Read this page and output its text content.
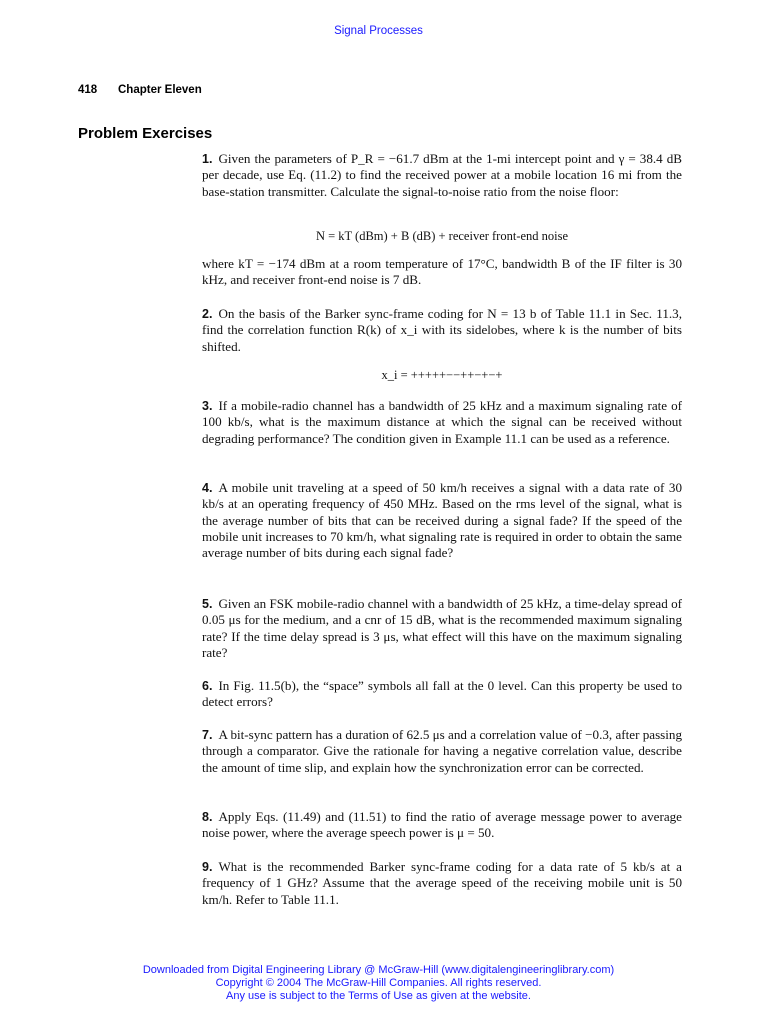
Signal Processes
418 Chapter Eleven
Problem Exercises

1. Given the parameters of P_R = −61.7 dBm at the 1-mi intercept point and γ = 38.4 dB per decade, use Eq. (11.2) to find the received power at a mobile location 16 mi from the base-station transmitter. Calculate the signal-to-noise ratio from the noise floor:

N = kT (dBm) + B (dB) + receiver front-end noise

where kT = −174 dBm at a room temperature of 17°C, bandwidth B of the IF filter is 30 kHz, and receiver front-end noise is 7 dB.

2. On the basis of the Barker sync-frame coding for N = 13 b of Table 11.1 in Sec. 11.3, find the correlation function R(k) of x_i with its sidelobes, where k is the number of bits shifted.

x_i = +++++−−++−+−+

3. If a mobile-radio channel has a bandwidth of 25 kHz and a maximum signaling rate of 100 kb/s, what is the maximum distance at which the signal can be received without degrading performance? The condition given in Example 11.1 can be used as a reference.

4. A mobile unit traveling at a speed of 50 km/h receives a signal with a data rate of 30 kb/s at an operating frequency of 450 MHz. Based on the rms level of the signal, what is the average number of bits that can be received during a signal fade? If the speed of the mobile unit increases to 70 km/h, what signaling rate is required in order to obtain the same average number of bits during each signal fade?

5. Given an FSK mobile-radio channel with a bandwidth of 25 kHz, a time-delay spread of 0.05 μs for the medium, and a cnr of 15 dB, what is the recommended maximum signaling rate? If the time delay spread is 3 μs, what effect will this have on the maximum signaling rate?

6. In Fig. 11.5(b), the “space” symbols all fall at the 0 level. Can this property be used to detect errors?

7. A bit-sync pattern has a duration of 62.5 μs and a correlation value of −0.3, after passing through a comparator. Give the rationale for having a negative correlation value, describe the amount of time slip, and explain how the synchronization error can be corrected.

8. Apply Eqs. (11.49) and (11.51) to find the ratio of average message power to average noise power, where the average speech power is μ = 50.

9. What is the recommended Barker sync-frame coding for a data rate of 5 kb/s at a frequency of 1 GHz? Assume that the average speed of the receiving mobile unit is 50 km/h. Refer to Table 11.1.

Downloaded from Digital Engineering Library @ McGraw-Hill (www.digitalengineeringlibrary.com)
Copyright © 2004 The McGraw-Hill Companies. All rights reserved.
Any use is subject to the Terms of Use as given at the website.
